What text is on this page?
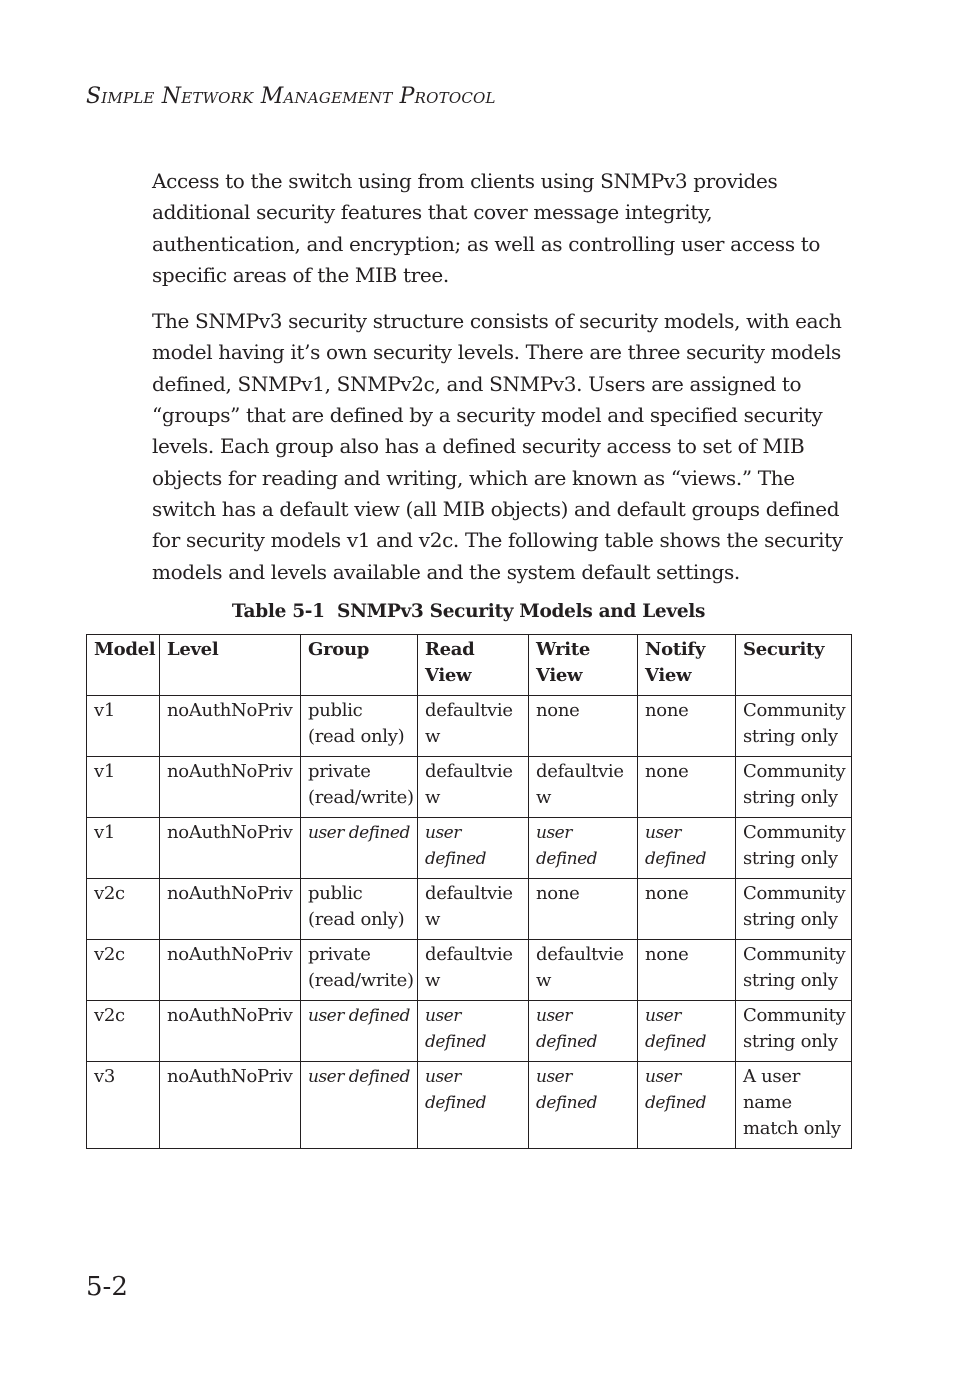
Simple Network Management Protocol

Access to the switch using from clients using SNMPv3 provides additional security features that cover message integrity, authentication, and encryption; as well as controlling user access to specific areas of the MIB tree.

The SNMPv3 security structure consists of security models, with each model having it’s own security levels. There are three security models defined, SNMPv1, SNMPv2c, and SNMPv3. Users are assigned to “groups” that are defined by a security model and specified security levels. Each group also has a defined security access to set of MIB objects for reading and writing, which are known as “views.” The switch has a default view (all MIB objects) and default groups defined for security models v1 and v2c. The following table shows the security models and levels available and the system default settings.

Table 5-1  SNMPv3 Security Models and Levels
Model	Level	Group	Read View	Write View	Notify View	Security
v1	noAuthNoPriv	public (read only)	defaultview	none	none	Community string only
v1	noAuthNoPriv	private (read/write)	defaultview	defaultview	none	Community string only
v1	noAuthNoPriv	user defined	user defined	user defined	user defined	Community string only
v2c	noAuthNoPriv	public (read only)	defaultview	none	none	Community string only
v2c	noAuthNoPriv	private (read/write)	defaultview	defaultview	none	Community string only
v2c	noAuthNoPriv	user defined	user defined	user defined	user defined	Community string only
v3	noAuthNoPriv	user defined	user defined	user defined	user defined	A user name match only
5-2
